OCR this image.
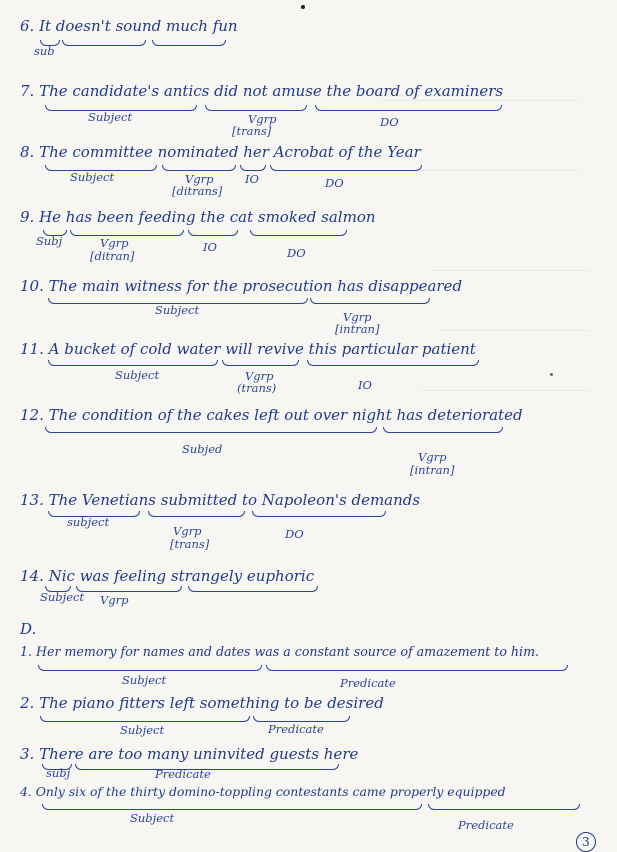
6. It doesn't sound much fun
sub
7. The candidate's antics did not amuse the board of examiners
Subject	Vgrp
[trans]
DO
8. The committee nominated her Acrobat of the Year
Subject	Vgrp
[ditrans]
IO	DO
9. He has been feeding the cat smoked salmon
Subj	Vgrp
[ditran]
IO	DO
10. The main witness for the prosecution has disappeared
Subject	Vgrp
[intran]
11. A bucket of cold water will revive this particular patient
Subject	Vgrp
(trans)	IO
12. The condition of the cakes left out over night has deteriorated
Subjed
Vgrp
[intran]
13. The Venetians submitted to Napoleon's demands
subject
Vgrp
[trans]
DO
14. Nic was feeling strangely euphoric
Subject Vgrp
D.
1. Her memory for names and dates was a constant source of amazement to him.
Subject	Predicate
2. The piano fitters left something to be desired
Subject	Predicate
3. There are too many uninvited guests here
subj	Predicate
4. Only six of the thirty domino-toppling contestants came properly equipped
Subject	Predicate
3
